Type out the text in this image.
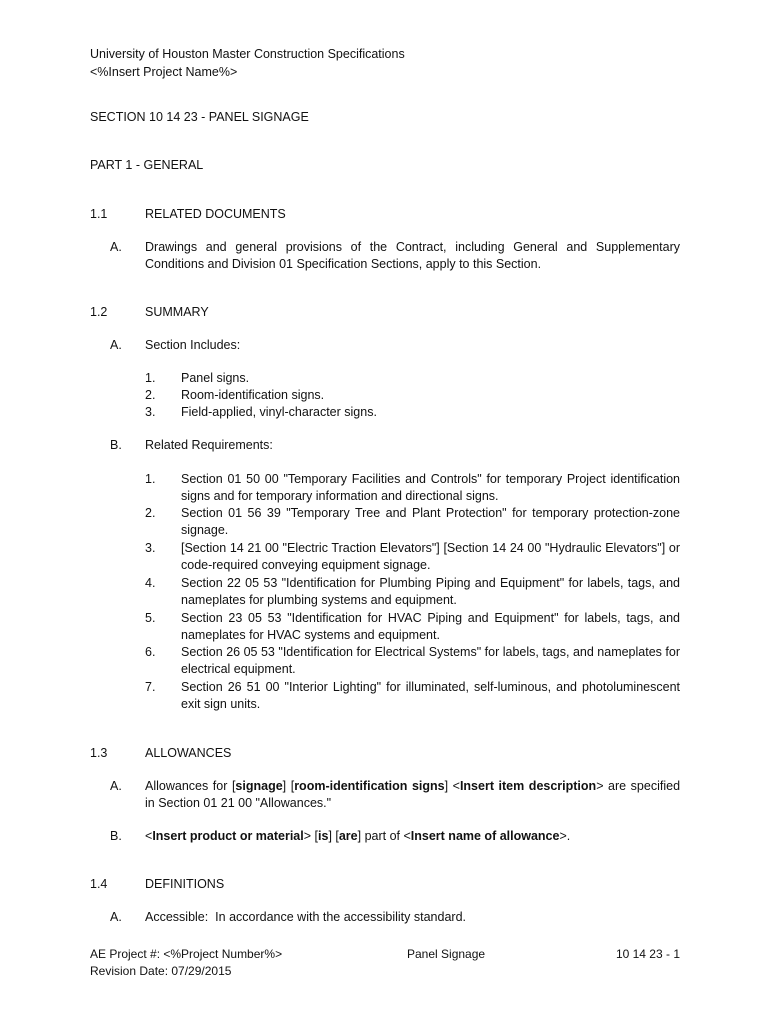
University of Houston Master Construction Specifications
<%Insert Project Name%>
SECTION 10 14 23 - PANEL SIGNAGE
PART 1 - GENERAL
1.1	RELATED DOCUMENTS
A. Drawings and general provisions of the Contract, including General and Supplementary Conditions and Division 01 Specification Sections, apply to this Section.
1.2	SUMMARY
A. Section Includes:
1. Panel signs.
2. Room-identification signs.
3. Field-applied, vinyl-character signs.
B. Related Requirements:
1. Section 01 50 00 "Temporary Facilities and Controls" for temporary Project identification signs and for temporary information and directional signs.
2. Section 01 56 39 "Temporary Tree and Plant Protection" for temporary protection-zone signage.
3. [Section 14 21 00 "Electric Traction Elevators"] [Section 14 24 00 "Hydraulic Elevators"] or code-required conveying equipment signage.
4. Section 22 05 53 "Identification for Plumbing Piping and Equipment" for labels, tags, and nameplates for plumbing systems and equipment.
5. Section 23 05 53 "Identification for HVAC Piping and Equipment" for labels, tags, and nameplates for HVAC systems and equipment.
6. Section 26 05 53 "Identification for Electrical Systems" for labels, tags, and nameplates for electrical equipment.
7. Section 26 51 00 "Interior Lighting" for illuminated, self-luminous, and photoluminescent exit sign units.
1.3	ALLOWANCES
A. Allowances for [signage] [room-identification signs] <Insert item description> are specified in Section 01 21 00 "Allowances."
B. <Insert product or material> [is] [are] part of <Insert name of allowance>.
1.4	DEFINITIONS
A. Accessible:  In accordance with the accessibility standard.
AE Project #: <%Project Number%>
Revision Date: 07/29/2015
Panel Signage	10 14 23 - 1
